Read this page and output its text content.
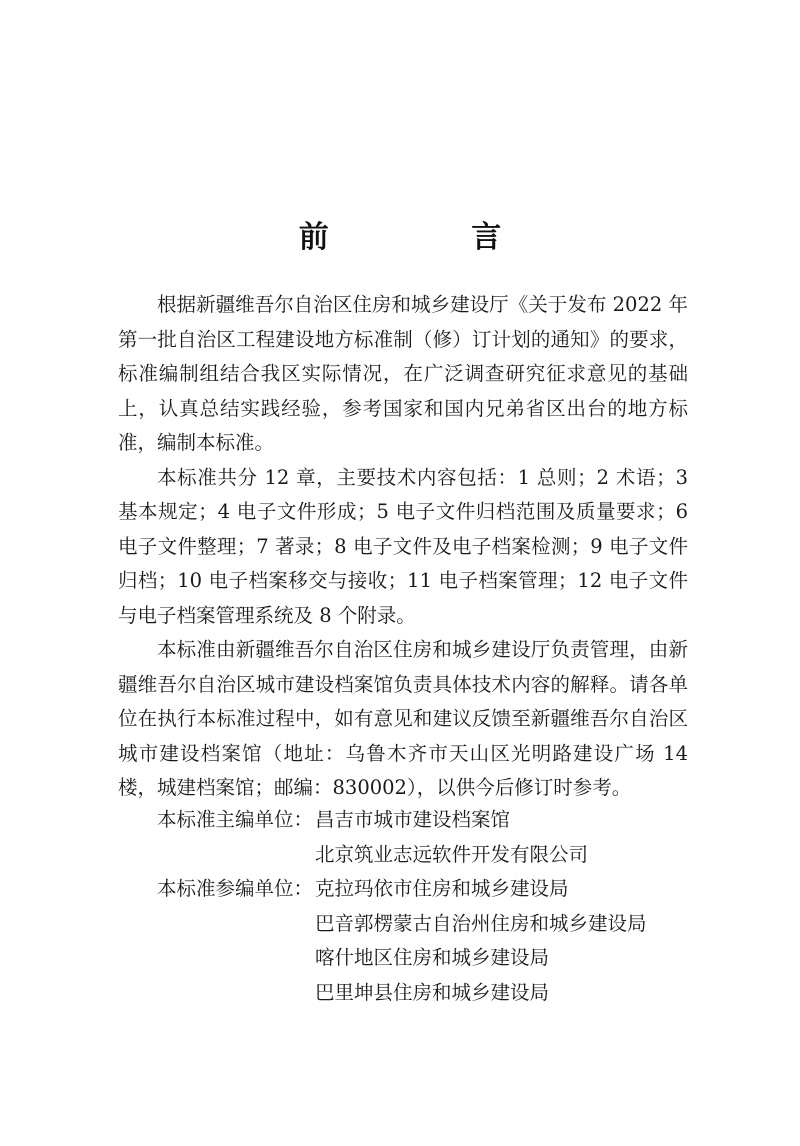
前 言

根据新疆维吾尔自治区住房和城乡建设厅《关于发布 2022 年第一批自治区工程建设地方标准制（修）订计划的通知》的要求，标准编制组结合我区实际情况，在广泛调查研究征求意见的基础上，认真总结实践经验，参考国家和国内兄弟省区出台的地方标准，编制本标准。

本标准共分 12 章，主要技术内容包括：1 总则；2 术语；3 基本规定；4 电子文件形成；5 电子文件归档范围及质量要求；6 电子文件整理；7 著录；8 电子文件及电子档案检测；9 电子文件归档；10 电子档案移交与接收；11 电子档案管理；12 电子文件与电子档案管理系统及 8 个附录。

本标准由新疆维吾尔自治区住房和城乡建设厅负责管理，由新疆维吾尔自治区城市建设档案馆负责具体技术内容的解释。请各单位在执行本标准过程中，如有意见和建议反馈至新疆维吾尔自治区城市建设档案馆（地址：乌鲁木齐市天山区光明路建设广场 14 楼，城建档案馆；邮编：830002），以供今后修订时参考。

本标准主编单位： 昌吉市城市建设档案馆
北京筑业志远软件开发有限公司
本标准参编单位： 克拉玛依市住房和城乡建设局
巴音郭楞蒙古自治州住房和城乡建设局
喀什地区住房和城乡建设局
巴里坤县住房和城乡建设局
